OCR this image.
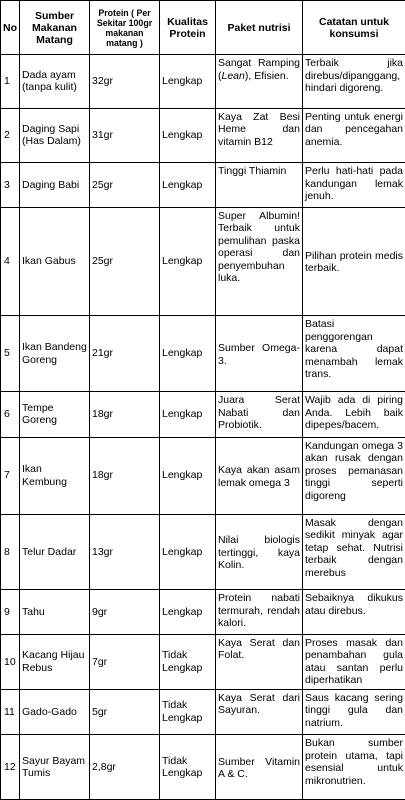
No	Sumber Makanan Matang	Protein ( Per Sekitar 100gr makanan matang )	Kualitas Protein	Paket nutrisi	Catatan untuk konsumsi
1	Dada ayam (tanpa kulit)	32gr	Lengkap	Sangat Ramping (Lean), Efisien.	Terbaik jika direbus/dipanggang, hindari digoreng.
2	Daging Sapi (Has Dalam)	31gr	Lengkap	Kaya Zat Besi Heme dan vitamin B12	Penting untuk energi dan pencegahan anemia.
3	Daging Babi	25gr	Lengkap	Tinggi Thiamin	Perlu hati-hati pada kandungan lemak jenuh.
4	Ikan Gabus	25gr	Lengkap	Super Albumin! Terbaik untuk pemulihan paska operasi dan penyembuhan luka.	Pilihan protein medis terbaik.
5	Ikan Bandeng Goreng	21gr	Lengkap	Sumber Omega-3.	Batasi penggorengan karena dapat menambah lemak trans.
6	Tempe Goreng	18gr	Lengkap	Juara Serat Nabati dan Probiotik.	Wajib ada di piring Anda. Lebih baik dipepes/bacem.
7	Ikan Kembung	18gr	Lengkap	Kaya akan asam lemak omega 3	Kandungan omega 3 akan rusak dengan proses pemanasan tinggi seperti digoreng
8	Telur Dadar	13gr	Lengkap	Nilai biologis tertinggi, kaya Kolin.	Masak dengan sedikit minyak agar tetap sehat. Nutrisi terbaik dengan merebus
9	Tahu	9gr	Lengkap	Protein nabati termurah, rendah kalori.	Sebaiknya dikukus atau direbus.
10	Kacang Hijau Rebus	7gr	Tidak Lengkap	Kaya Serat dan Folat.	Proses masak dan penambahan gula atau santan perlu diperhatikan
11	Gado-Gado	5gr	Tidak Lengkap	Kaya Serat dari Sayuran.	Saus kacang sering tinggi gula dan natrium.
12	Sayur Bayam Tumis	2,8gr	Tidak Lengkap	Sumber Vitamin A & C.	Bukan sumber protein utama, tapi esensial untuk mikronutrien.
